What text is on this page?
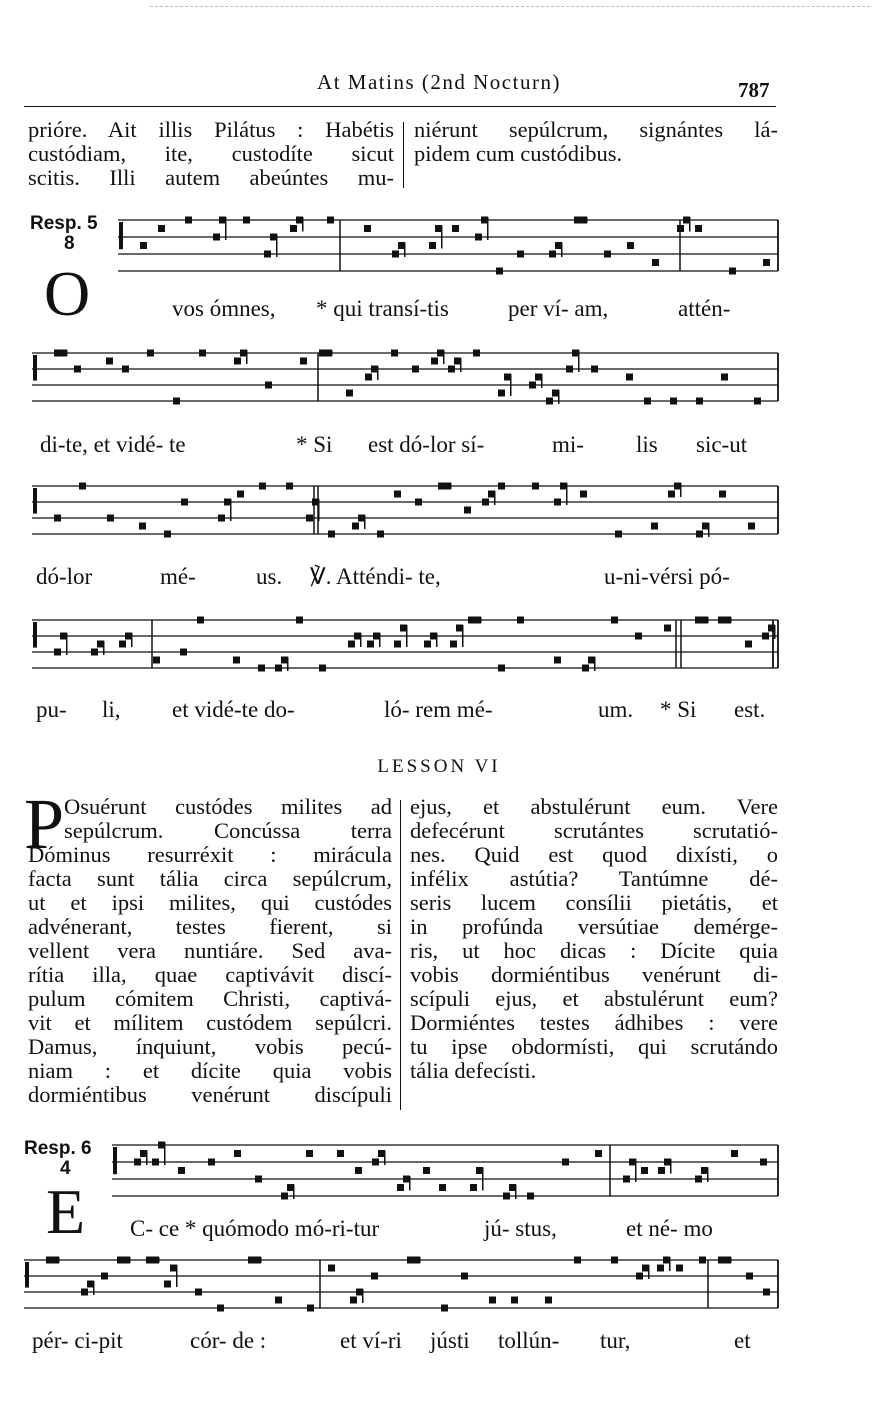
At Matins (2nd Nocturn)	787
prióre. Ait illis Pilátus : Habétis
custódiam, ite, custodíte sicut
scitis. Illi autem abeúntes mu-
niérunt sepúlcrum, signántes lá-
pidem cum custódibus.
Resp. 5
8
O	vos ómnes, * qui transí-tis	per ví- am,	attén-
di-te, et vidé- te	* Si est dó-lor sí-	mi- lis sic-ut
dó-lor	mé-	us. ℣. Atténdi- te,	u-ni-vérsi pó-
pu- li, et vidé-te do-	ló- rem mé-	um. * Si est.
LESSON VI
P Osuérunt custódes milites ad
sepúlcrum. Concússa terra
Dóminus resurréxit : mirácula
facta sunt tália circa sepúlcrum,
ut et ipsi milites, qui custódes
advénerant, testes fierent, si
vellent vera nuntiáre. Sed ava-
rítia illa, quae captivávit discí-
pulum cómitem Christi, captivá-
vit et mílitem custódem sepúlcri.
Damus, ínquiunt, vobis pecú-
niam : et dícite quia vobis
dormiéntibus venérunt discípuli
ejus, et abstulérunt eum. Vere
defecérunt scrutántes scrutatió-
nes. Quid est quod dixísti, o
inféliх astútia? Tantúmne dé-
seris lucem consílii pietátis, et
in profúnda versútiae demérge-
ris, ut hoc dicas : Dícite quia
vobis dormiéntibus venérunt di-
scípuli ejus, et abstulérunt eum?
Dormiéntes testes ádhibes : vere
tu ipse obdormísti, qui scrutándo
tália defecísti.
Resp. 6
4
E C- ce * quómodo mó-ri-tur	jú- stus,	et né- mo
pér- ci-pit	cór- de :	et ví-ri jústi tollún- tur,	et
